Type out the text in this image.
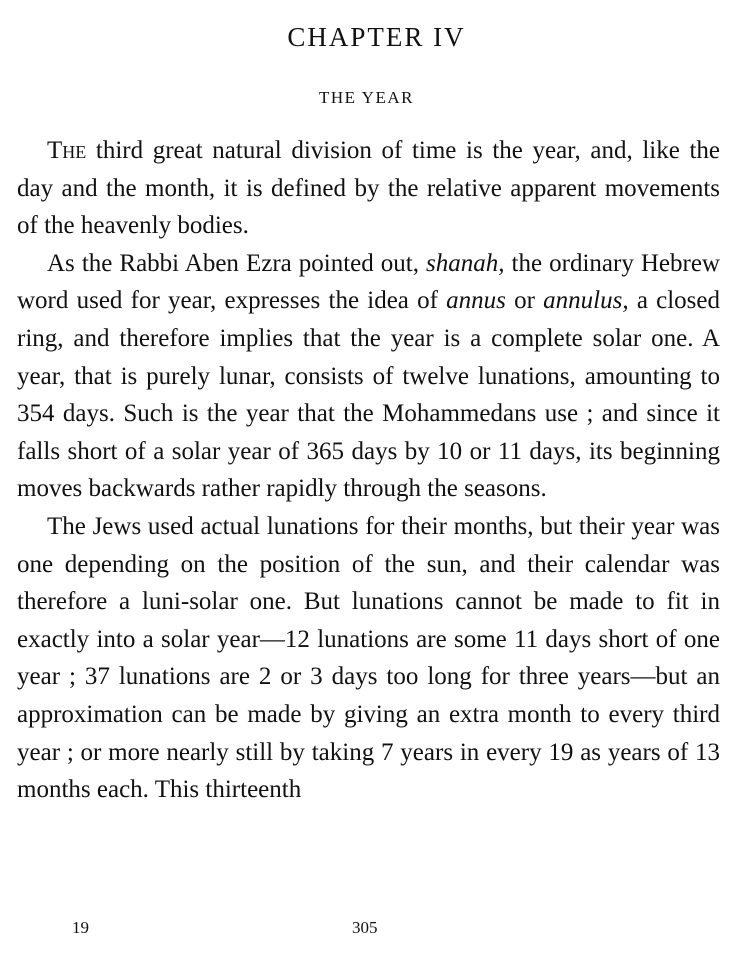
CHAPTER IV
THE YEAR

The third great natural division of time is the year, and, like the day and the month, it is defined by the relative apparent movements of the heavenly bodies.

As the Rabbi Aben Ezra pointed out, shanah, the ordinary Hebrew word used for year, expresses the idea of annus or annulus, a closed ring, and therefore implies that the year is a complete solar one. A year, that is purely lunar, consists of twelve lunations, amounting to 354 days. Such is the year that the Mohammedans use ; and since it falls short of a solar year of 365 days by 10 or 11 days, its beginning moves backwards rather rapidly through the seasons.

The Jews used actual lunations for their months, but their year was one depending on the position of the sun, and their calendar was therefore a luni-solar one. But lunations cannot be made to fit in exactly into a solar year—12 lunations are some 11 days short of one year ; 37 lunations are 2 or 3 days too long for three years—but an approximation can be made by giving an extra month to every third year ; or more nearly still by taking 7 years in every 19 as years of 13 months each. This thirteenth

19	305
